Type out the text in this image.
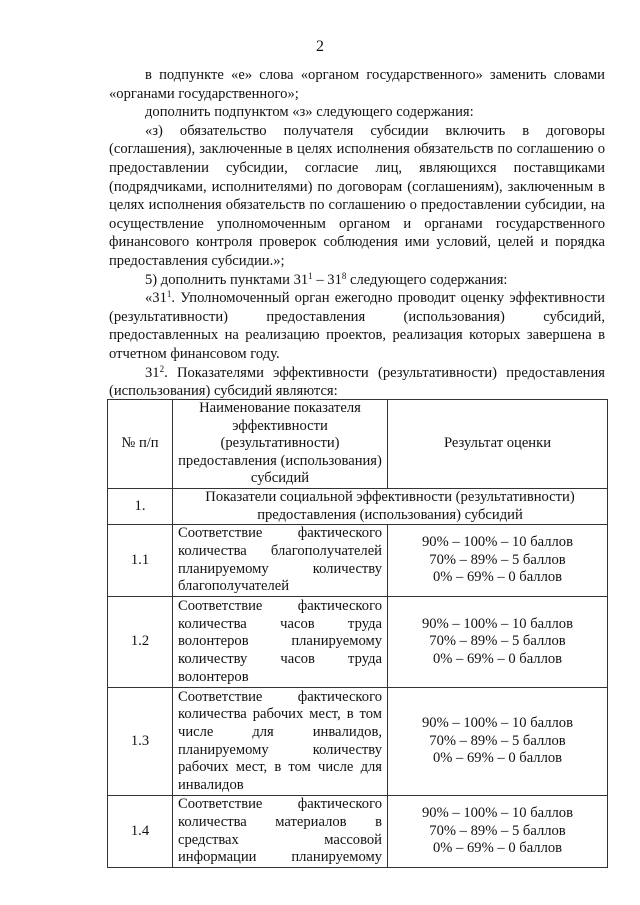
2

в подпункте «е» слова «органом государственного» заменить словами «органами государственного»;

дополнить подпунктом «з» следующего содержания:

«з) обязательство получателя субсидии включить в договоры (соглашения), заключенные в целях исполнения обязательств по соглашению о предоставлении субсидии, согласие лиц, являющихся поставщиками (подрядчиками, исполнителями) по договорам (соглашениям), заключенным в целях исполнения обязательств по соглашению о предоставлении субсидии, на осуществление уполномоченным органом и органами государственного финансового контроля проверок соблюдения ими условий, целей и порядка предоставления субсидии.»;

5) дополнить пунктами $31^1 - 31^8$ следующего содержания:

«$31^1$. Уполномоченный орган ежегодно проводит оценку эффективности (результативности) предоставления (использования) субсидий, предоставленных на реализацию проектов, реализация которых завершена в отчетном финансовом году.

$31^2$. Показателями эффективности (результативности) предоставления (использования) субсидий являются:

№ п/п	Наименование показателя эффективности (результативности) предоставления (использования) субсидий	Результат оценки
1.	Показатели социальной эффективности (результативности) предоставления (использования) субсидий	
1.1	Соответствие фактического количества благополучателей планируемому количеству благополучателей	90% – 100% – 10 баллов
70% – 89% – 5 баллов
0% – 69% – 0 баллов

1.2	Соответствие фактического количества часов труда волонтеров планируемому количеству часов труда волонтеров	90% – 100% – 10 баллов
70% – 89% – 5 баллов
0% – 69% – 0 баллов

1.3	Соответствие фактического количества рабочих мест, в том числе для инвалидов, планируемому количеству рабочих мест, в том числе для инвалидов	90% – 100% – 10 баллов
70% – 89% – 5 баллов
0% – 69% – 0 баллов

1.4	Соответствие фактического количества материалов в средствах массовой информации планируемому	90% – 100% – 10 баллов
70% – 89% – 5 баллов
0% – 69% – 0 баллов
